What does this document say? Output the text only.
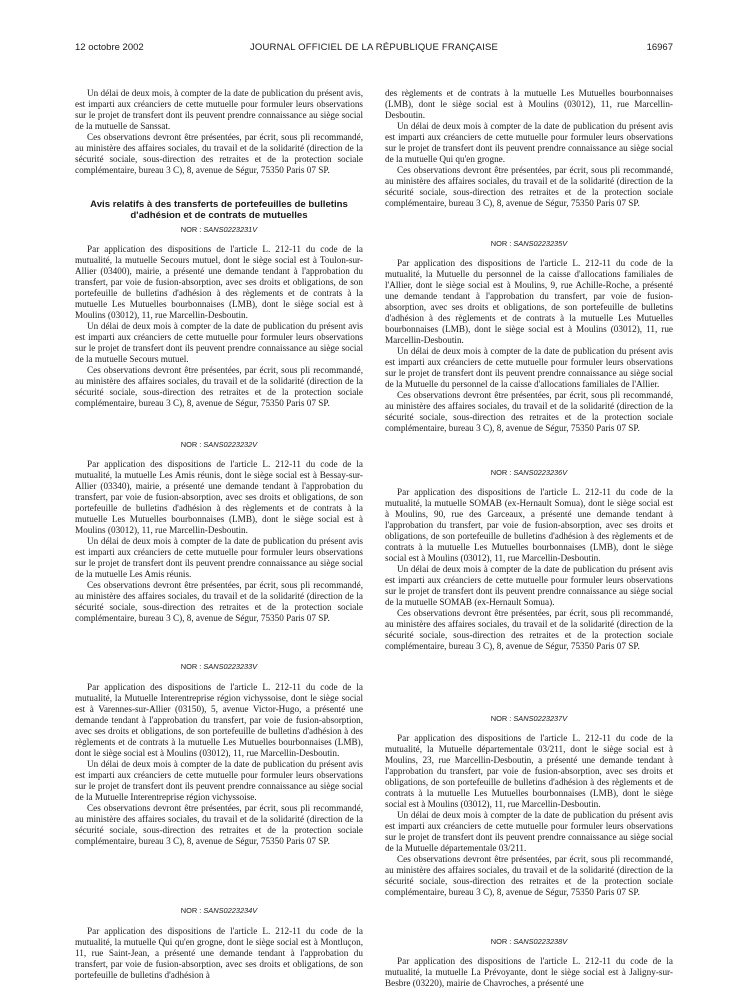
12 octobre 2002	JOURNAL OFFICIEL DE LA RÉPUBLIQUE FRANÇAISE	16967

Un délai de deux mois, à compter de la date de publication du présent avis, est imparti aux créanciers de cette mutuelle pour formuler leurs observations sur le projet de transfert dont ils peuvent prendre connaissance au siège social de la mutuelle de Sanssat.

Ces observations devront être présentées, par écrit, sous pli recommandé, au ministère des affaires sociales, du travail et de la solidarité (direction de la sécurité sociale, sous-direction des retraites et de la protection sociale complémentaire, bureau 3 C), 8, avenue de Ségur, 75350 Paris 07 SP.

Avis relatifs à des transferts de portefeuilles de bulletins d'adhésion et de contrats de mutuelles
NOR : SANS0223231V

Par application des dispositions de l'article L. 212-11 du code de la mutualité, la mutuelle Secours mutuel, dont le siège social est à Toulon-sur-Allier (03400), mairie, a présenté une demande tendant à l'approbation du transfert, par voie de fusion-absorption, avec ses droits et obligations, de son portefeuille de bulletins d'adhésion à des règlements et de contrats à la mutuelle Les Mutuelles bourbonnaises (LMB), dont le siège social est à Moulins (03012), 11, rue Marcellin-Desboutin.

Un délai de deux mois à compter de la date de publication du présent avis est imparti aux créanciers de cette mutuelle pour formuler leurs observations sur le projet de transfert dont ils peuvent prendre connaissance au siège social de la mutuelle Secours mutuel.

Ces observations devront être présentées, par écrit, sous pli recommandé, au ministère des affaires sociales, du travail et de la solidarité (direction de la sécurité sociale, sous-direction des retraites et de la protection sociale complémentaire, bureau 3 C), 8, avenue de Ségur, 75350 Paris 07 SP.

NOR : SANS0223232V

Par application des dispositions de l'article L. 212-11 du code de la mutualité, la mutuelle Les Amis réunis, dont le siège social est à Bessay-sur-Allier (03340), mairie, a présenté une demande tendant à l'approbation du transfert, par voie de fusion-absorption, avec ses droits et obligations, de son portefeuille de bulletins d'adhésion à des règlements et de contrats à la mutuelle Les Mutuelles bourbonnaises (LMB), dont le siège social est à Moulins (03012), 11, rue Marcellin-Desboutin.

Un délai de deux mois à compter de la date de publication du présent avis est imparti aux créanciers de cette mutuelle pour formuler leurs observations sur le projet de transfert dont ils peuvent prendre connaissance au siège social de la mutuelle Les Amis réunis.

Ces observations devront être présentées, par écrit, sous pli recommandé, au ministère des affaires sociales, du travail et de la solidarité (direction de la sécurité sociale, sous-direction des retraites et de la protection sociale complémentaire, bureau 3 C), 8, avenue de Ségur, 75350 Paris 07 SP.

NOR : SANS0223233V

Par application des dispositions de l'article L. 212-11 du code de la mutualité, la Mutuelle Interentreprise région vichyssoise, dont le siège social est à Varennes-sur-Allier (03150), 5, avenue Victor-Hugo, a présenté une demande tendant à l'approbation du transfert, par voie de fusion-absorption, avec ses droits et obligations, de son portefeuille de bulletins d'adhésion à des règlements et de contrats à la mutuelle Les Mutuelles bourbonnaises (LMB), dont le siège social est à Moulins (03012), 11, rue Marcellin-Desboutin.

Un délai de deux mois à compter de la date de publication du présent avis est imparti aux créanciers de cette mutuelle pour formuler leurs observations sur le projet de transfert dont ils peuvent prendre connaissance au siège social de la Mutuelle Interentreprise région vichyssoise.

Ces observations devront être présentées, par écrit, sous pli recommandé, au ministère des affaires sociales, du travail et de la solidarité (direction de la sécurité sociale, sous-direction des retraites et de la protection sociale complémentaire, bureau 3 C), 8, avenue de Ségur, 75350 Paris 07 SP.

NOR : SANS0223234V

Par application des dispositions de l'article L. 212-11 du code de la mutualité, la mutuelle Qui qu'en grogne, dont le siège social est à Montluçon, 11, rue Saint-Jean, a présenté une demande tendant à l'approbation du transfert, par voie de fusion-absorption, avec ses droits et obligations, de son portefeuille de bulletins d'adhésion à

des règlements et de contrats à la mutuelle Les Mutuelles bourbonnaises (LMB), dont le siège social est à Moulins (03012), 11, rue Marcellin-Desboutin.

Un délai de deux mois à compter de la date de publication du présent avis est imparti aux créanciers de cette mutuelle pour formuler leurs observations sur le projet de transfert dont ils peuvent prendre connaissance au siège social de la mutuelle Qui qu'en grogne.

Ces observations devront être présentées, par écrit, sous pli recommandé, au ministère des affaires sociales, du travail et de la solidarité (direction de la sécurité sociale, sous-direction des retraites et de la protection sociale complémentaire, bureau 3 C), 8, avenue de Ségur, 75350 Paris 07 SP.

NOR : SANS0223235V

Par application des dispositions de l'article L. 212-11 du code de la mutualité, la Mutuelle du personnel de la caisse d'allocations familiales de l'Allier, dont le siège social est à Moulins, 9, rue Achille-Roche, a présenté une demande tendant à l'approbation du transfert, par voie de fusion-absorption, avec ses droits et obligations, de son portefeuille de bulletins d'adhésion à des règlements et de contrats à la mutuelle Les Mutuelles bourbonnaises (LMB), dont le siège social est à Moulins (03012), 11, rue Marcellin-Desboutin.

Un délai de deux mois à compter de la date de publication du présent avis est imparti aux créanciers de cette mutuelle pour formuler leurs observations sur le projet de transfert dont ils peuvent prendre connaissance au siège social de la Mutuelle du personnel de la caisse d'allocations familiales de l'Allier.

Ces observations devront être présentées, par écrit, sous pli recommandé, au ministère des affaires sociales, du travail et de la solidarité (direction de la sécurité sociale, sous-direction des retraites et de la protection sociale complémentaire, bureau 3 C), 8, avenue de Ségur, 75350 Paris 07 SP.

NOR : SANS0223236V

Par application des dispositions de l'article L. 212-11 du code de la mutualité, la mutuelle SOMAB (ex-Hernault Somua), dont le siège social est à Moulins, 90, rue des Garceaux, a présenté une demande tendant à l'approbation du transfert, par voie de fusion-absorption, avec ses droits et obligations, de son portefeuille de bulletins d'adhésion à des règlements et de contrats à la mutuelle Les Mutuelles bourbonnaises (LMB), dont le siège social est à Moulins (03012), 11, rue Marcellin-Desboutin.

Un délai de deux mois à compter de la date de publication du présent avis est imparti aux créanciers de cette mutuelle pour formuler leurs observations sur le projet de transfert dont ils peuvent prendre connaissance au siège social de la mutuelle SOMAB (ex-Hernault Somua).

Ces observations devront être présentées, par écrit, sous pli recommandé, au ministère des affaires sociales, du travail et de la solidarité (direction de la sécurité sociale, sous-direction des retraites et de la protection sociale complémentaire, bureau 3 C), 8, avenue de Ségur, 75350 Paris 07 SP.

NOR : SANS0223237V

Par application des dispositions de l'article L. 212-11 du code de la mutualité, la Mutuelle départementale 03/211, dont le siège social est à Moulins, 23, rue Marcellin-Desboutin, a présenté une demande tendant à l'approbation du transfert, par voie de fusion-absorption, avec ses droits et obligations, de son portefeuille de bulletins d'adhésion à des règlements et de contrats à la mutuelle Les Mutuelles bourbonnaises (LMB), dont le siège social est à Moulins (03012), 11, rue Marcellin-Desboutin.

Un délai de deux mois à compter de la date de publication du présent avis est imparti aux créanciers de cette mutuelle pour formuler leurs observations sur le projet de transfert dont ils peuvent prendre connaissance au siège social de la Mutuelle départementale 03/211.

Ces observations devront être présentées, par écrit, sous pli recommandé, au ministère des affaires sociales, du travail et de la solidarité (direction de la sécurité sociale, sous-direction des retraites et de la protection sociale complémentaire, bureau 3 C), 8, avenue de Ségur, 75350 Paris 07 SP.

NOR : SANS0223238V

Par application des dispositions de l'article L. 212-11 du code de la mutualité, la mutuelle La Prévoyante, dont le siège social est à Jaligny-sur-Besbre (03220), mairie de Chavroches, a présenté une
